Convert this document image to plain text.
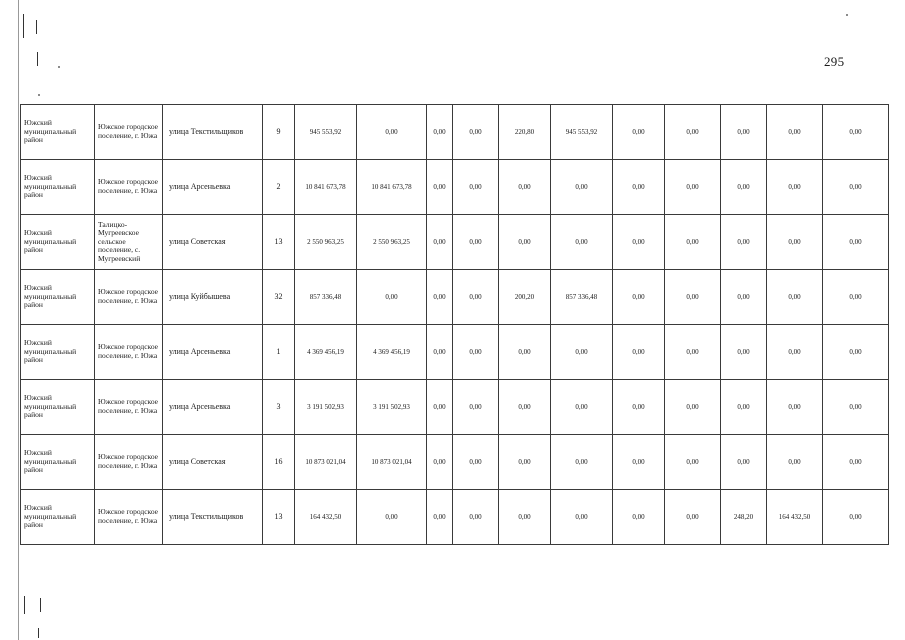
295
Южский муниципальный район	Южское городское поселение, г. Южа	улица Текстильщиков	9	945 553,92	0,00	0,00	0,00	220,80	945 553,92	0,00	0,00	0,00	0,00	0,00
Южский муниципальный район	Южское городское поселение, г. Южа	улица Арсеньевка	2	10 841 673,78	10 841 673,78	0,00	0,00	0,00	0,00	0,00	0,00	0,00	0,00	0,00
Южский муниципальный район	Талицко-Мугреевское сельское поселение, с. Мугреевский	улица Советская	13	2 550 963,25	2 550 963,25	0,00	0,00	0,00	0,00	0,00	0,00	0,00	0,00	0,00
Южский муниципальный район	Южское городское поселение, г. Южа	улица Куйбышева	32	857 336,48	0,00	0,00	0,00	200,20	857 336,48	0,00	0,00	0,00	0,00	0,00
Южский муниципальный район	Южское городское поселение, г. Южа	улица Арсеньевка	1	4 369 456,19	4 369 456,19	0,00	0,00	0,00	0,00	0,00	0,00	0,00	0,00	0,00
Южский муниципальный район	Южское городское поселение, г. Южа	улица Арсеньевка	3	3 191 502,93	3 191 502,93	0,00	0,00	0,00	0,00	0,00	0,00	0,00	0,00	0,00
Южский муниципальный район	Южское городское поселение, г. Южа	улица Советская	16	10 873 021,04	10 873 021,04	0,00	0,00	0,00	0,00	0,00	0,00	0,00	0,00	0,00
Южский муниципальный район	Южское городское поселение, г. Южа	улица Текстильщиков	13	164 432,50	0,00	0,00	0,00	0,00	0,00	0,00	0,00	248,20	164 432,50	0,00
